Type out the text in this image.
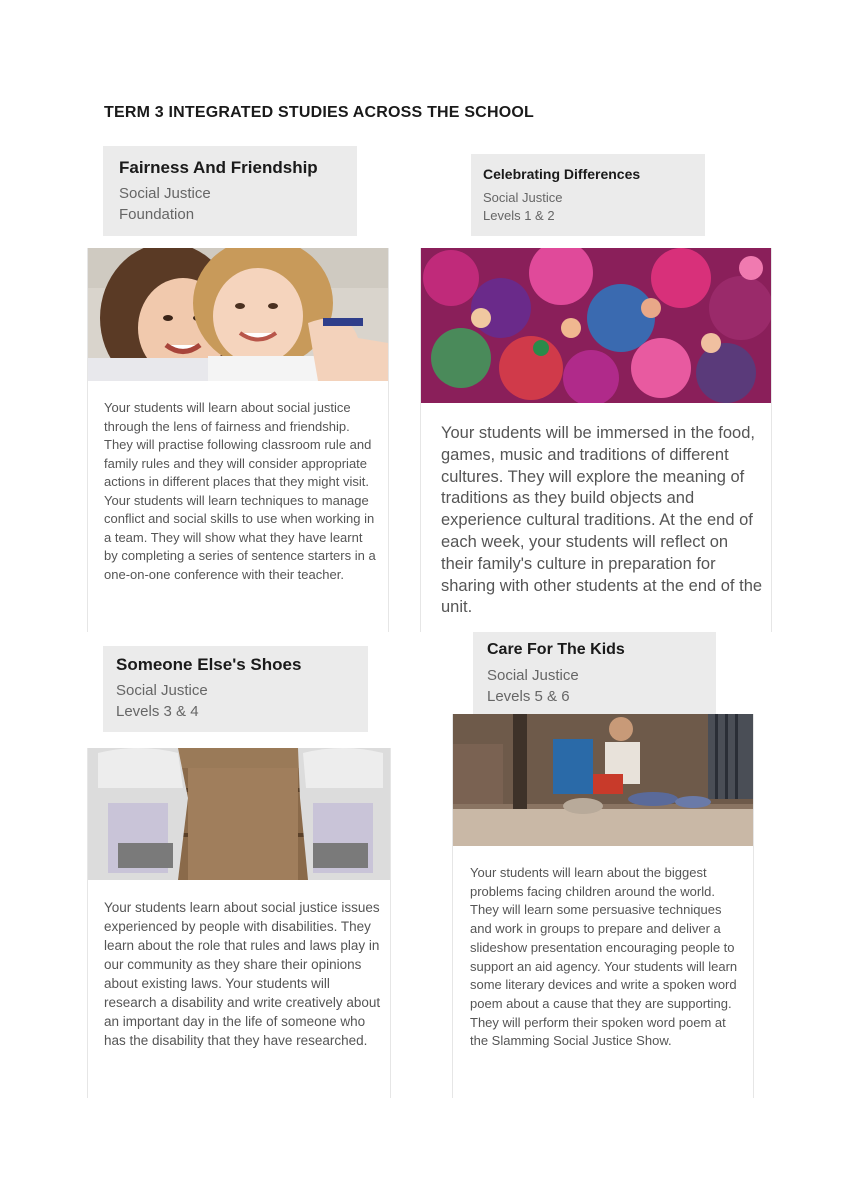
TERM 3 INTEGRATED STUDIES ACROSS THE SCHOOL
Fairness And Friendship
Social Justice
Foundation
Your students will learn about social justice through the lens of fairness and friendship. They will practise following classroom rule and family rules and they will consider appropriate actions in different places that they might visit. Your students will learn techniques to manage conflict and social skills to use when working in a team. They will show what they have learnt by completing a series of sentence starters in a one-on-one conference with their teacher.
Celebrating Differences
Social Justice
Levels 1 & 2
Your students will be immersed in the food, games, music and traditions of different cultures. They will explore the meaning of traditions as they build objects and experience cultural traditions. At the end of each week, your students will reflect on their family's culture in preparation for sharing with other students at the end of the unit.
Someone Else's Shoes
Social Justice
Levels 3 & 4
Your students learn about social justice issues experienced by people with disabilities. They learn about the role that rules and laws play in our community as they share their opinions about existing laws. Your students will research a disability and write creatively about an important day in the life of someone who has the disability that they have researched.
Care For The Kids
Social Justice
Levels 5 & 6
Your students will learn about the biggest problems facing children around the world. They will learn some persuasive techniques and work in groups to prepare and deliver a slideshow presentation encouraging people to support an aid agency. Your students will learn some literary devices and write a spoken word poem about a cause that they are supporting. They will perform their spoken word poem at the Slamming Social Justice Show.
